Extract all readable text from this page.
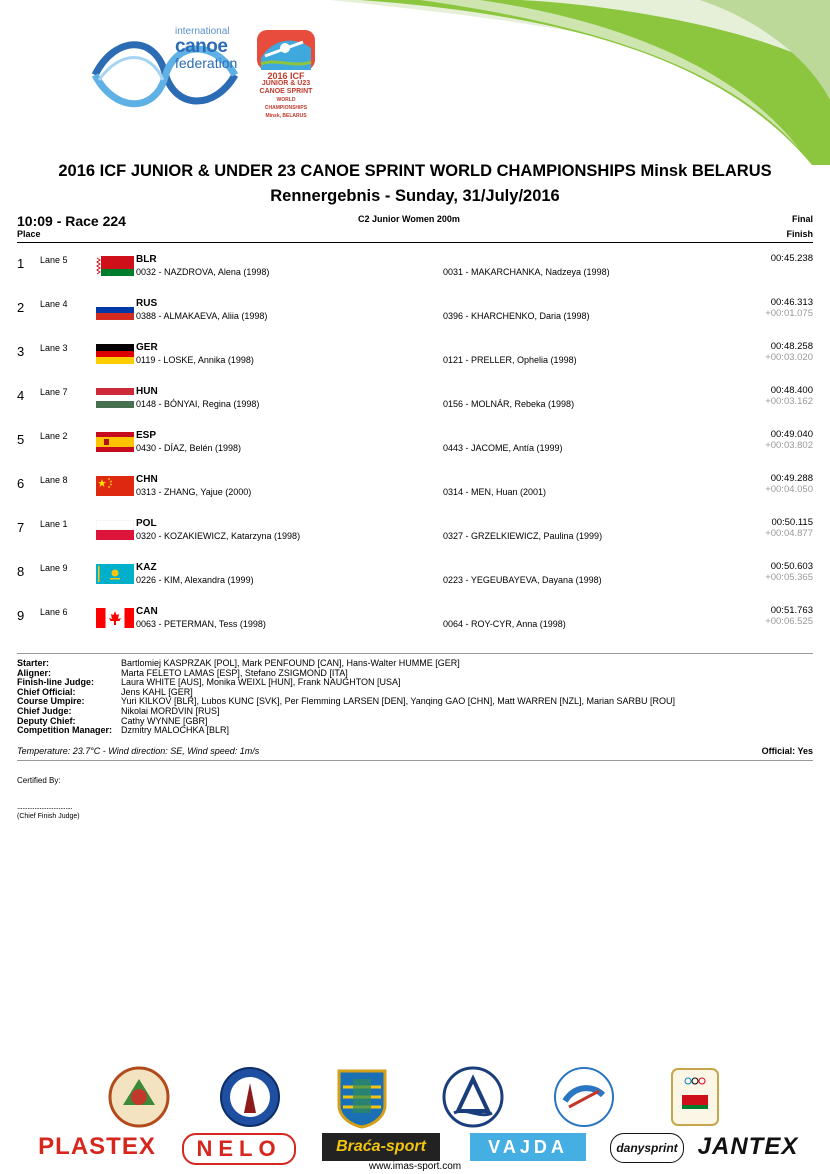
international
canoe
federation
2016 ICF
JUNIOR & U23
CANOE SPRINT
WORLD CHAMPIONSHIPS
Minsk, BELARUS
2016 ICF JUNIOR & UNDER 23 CANOE SPRINT WORLD CHAMPIONSHIPS Minsk BELARUS
Rennergebnis - Sunday, 31/July/2016
10:09 - Race 224
Place
C2 Junior Women 200m	Final
Finish
1 Lane 5	BLR
0032 - NAZDROVA, Alena (1998)	0031 - MAKARCHANKA, Nadzeya (1998)
00:45.238
2 Lane 4	RUS
0388 - ALMAKAEVA, Aliia (1998)	0396 - KHARCHENKO, Daria (1998)
00:46.313
+00:01.075
3 Lane 3	GER
0119 - LOSKE, Annika (1998)	0121 - PRELLER, Ophelia (1998)
00:48.258
+00:03.020
4 Lane 7	HUN
0148 - BÓNYAI, Regina (1998)	0156 - MOLNÁR, Rebeka (1998)
00:48.400
+00:03.162
5 Lane 2	ESP
0430 - DÍAZ, Belén (1998)	0443 - JACOME, Antía (1999)
00:49.040
+00:03.802
6 Lane 8	CHN
0313 - ZHANG, Yajue (2000)	0314 - MEN, Huan (2001)
00:49.288
+00:04.050
7 Lane 1	POL
0320 - KOZAKIEWICZ, Katarzyna (1998)	0327 - GRZELKIEWICZ, Paulina (1999)
00:50.115
+00:04.877
8 Lane 9	KAZ
0226 - KIM, Alexandra (1999)	0223 - YEGEUBAYEVA, Dayana (1998)
00:50.603
+00:05.365
9 Lane 6	CAN
0063 - PETERMAN, Tess (1998)	0064 - ROY-CYR, Anna (1998)
00:51.763
+00:06.525
Starter:	Bartlomiej KASPRZAK [POL], Mark PENFOUND [CAN], Hans-Walter HUMME [GER]
Aligner:	Marta FELETO LAMAS [ESP], Stefano ZSIGMOND [ITA]
Finish-line Judge:	Laura WHITE [AUS], Monika WEIXL [HUN], Frank NAUGHTON [USA]
Chief Official:	Jens KAHL [GER]
Course Umpire:	Yuri KILKOV [BLR], Lubos KUNC [SVK], Per Flemming LARSEN [DEN], Yanqing GAO [CHN], Matt WARREN [NZL], Marian SARBU [ROU]
Chief Judge:	Nikolai MORDVIN [RUS]
Deputy Chief:	Cathy WYNNE [GBR]
Competition Manager: Dzmitry MALOCHKA [BLR]
Temperature: 23.7°C - Wind direction: SE, Wind speed: 1m/s	Official: Yes
Certified By:
................................
(Chief Finish Judge)
PLASTEX	NELO	Braća-sport	VAJDA	danysprint JANTEX
www.imas-sport.com
